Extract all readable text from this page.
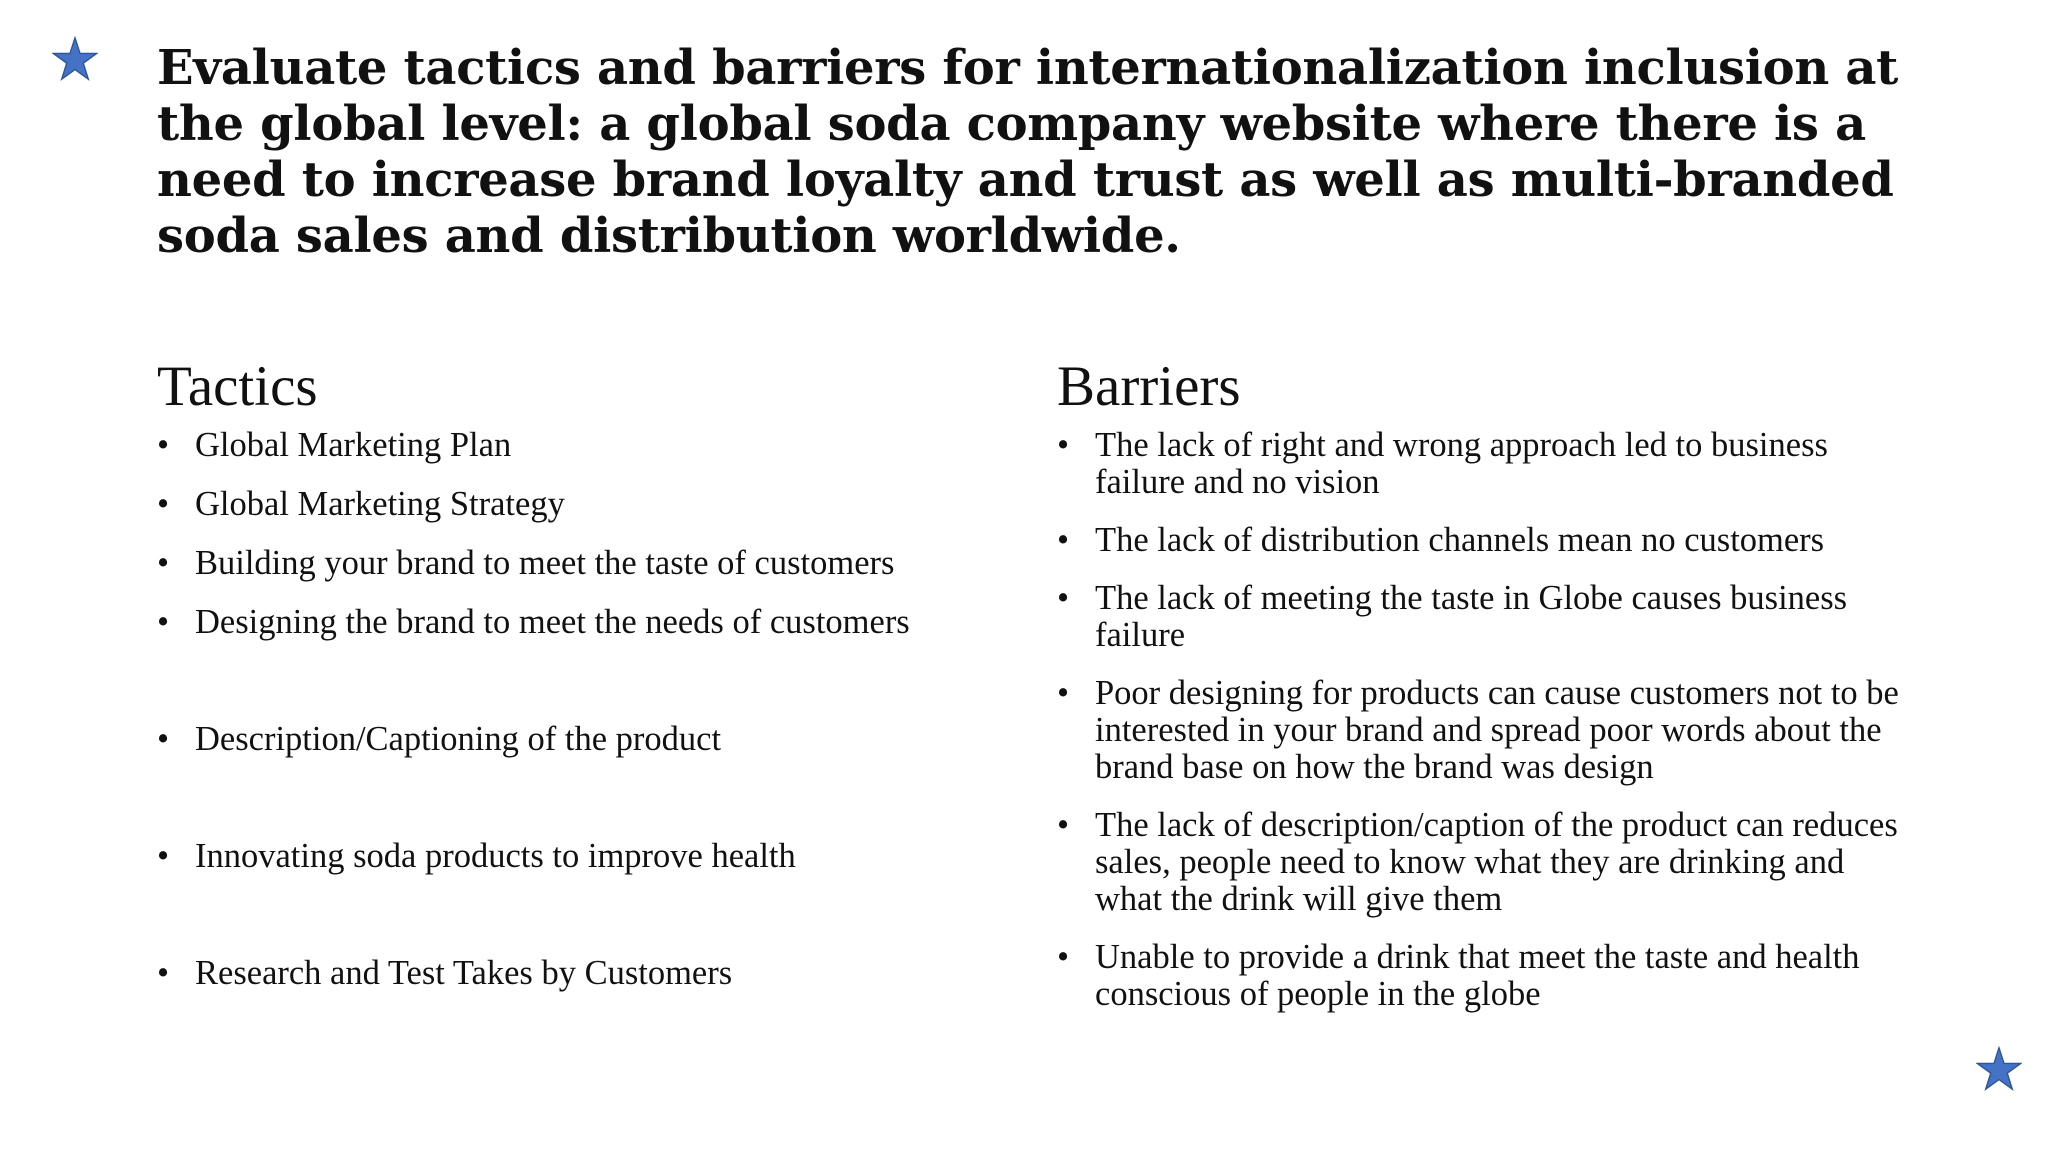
Evaluate tactics and barriers for internationalization inclusion at the global level: a global soda company website where there is a need to increase brand loyalty and trust as well as multi-branded soda sales and distribution worldwide.
Tactics
• Global Marketing Plan
• Global Marketing Strategy
• Building your brand to meet the taste of customers
• Designing the brand to meet the needs of customers
• Description/Captioning of the product
• Innovating soda products to improve health
• Research and Test Takes by Customers
Barriers
• The lack of right and wrong approach led to business failure and no vision
• The lack of distribution channels mean no customers
• The lack of meeting the taste in Globe causes business failure
• Poor designing for products can cause customers not to be interested in your brand and spread poor words about the brand base on how the brand was design
• The lack of description/caption of the product can reduces sales, people need to know what they are drinking and what the drink will give them
• Unable to provide a drink that meet the taste and health conscious of people in the globe
